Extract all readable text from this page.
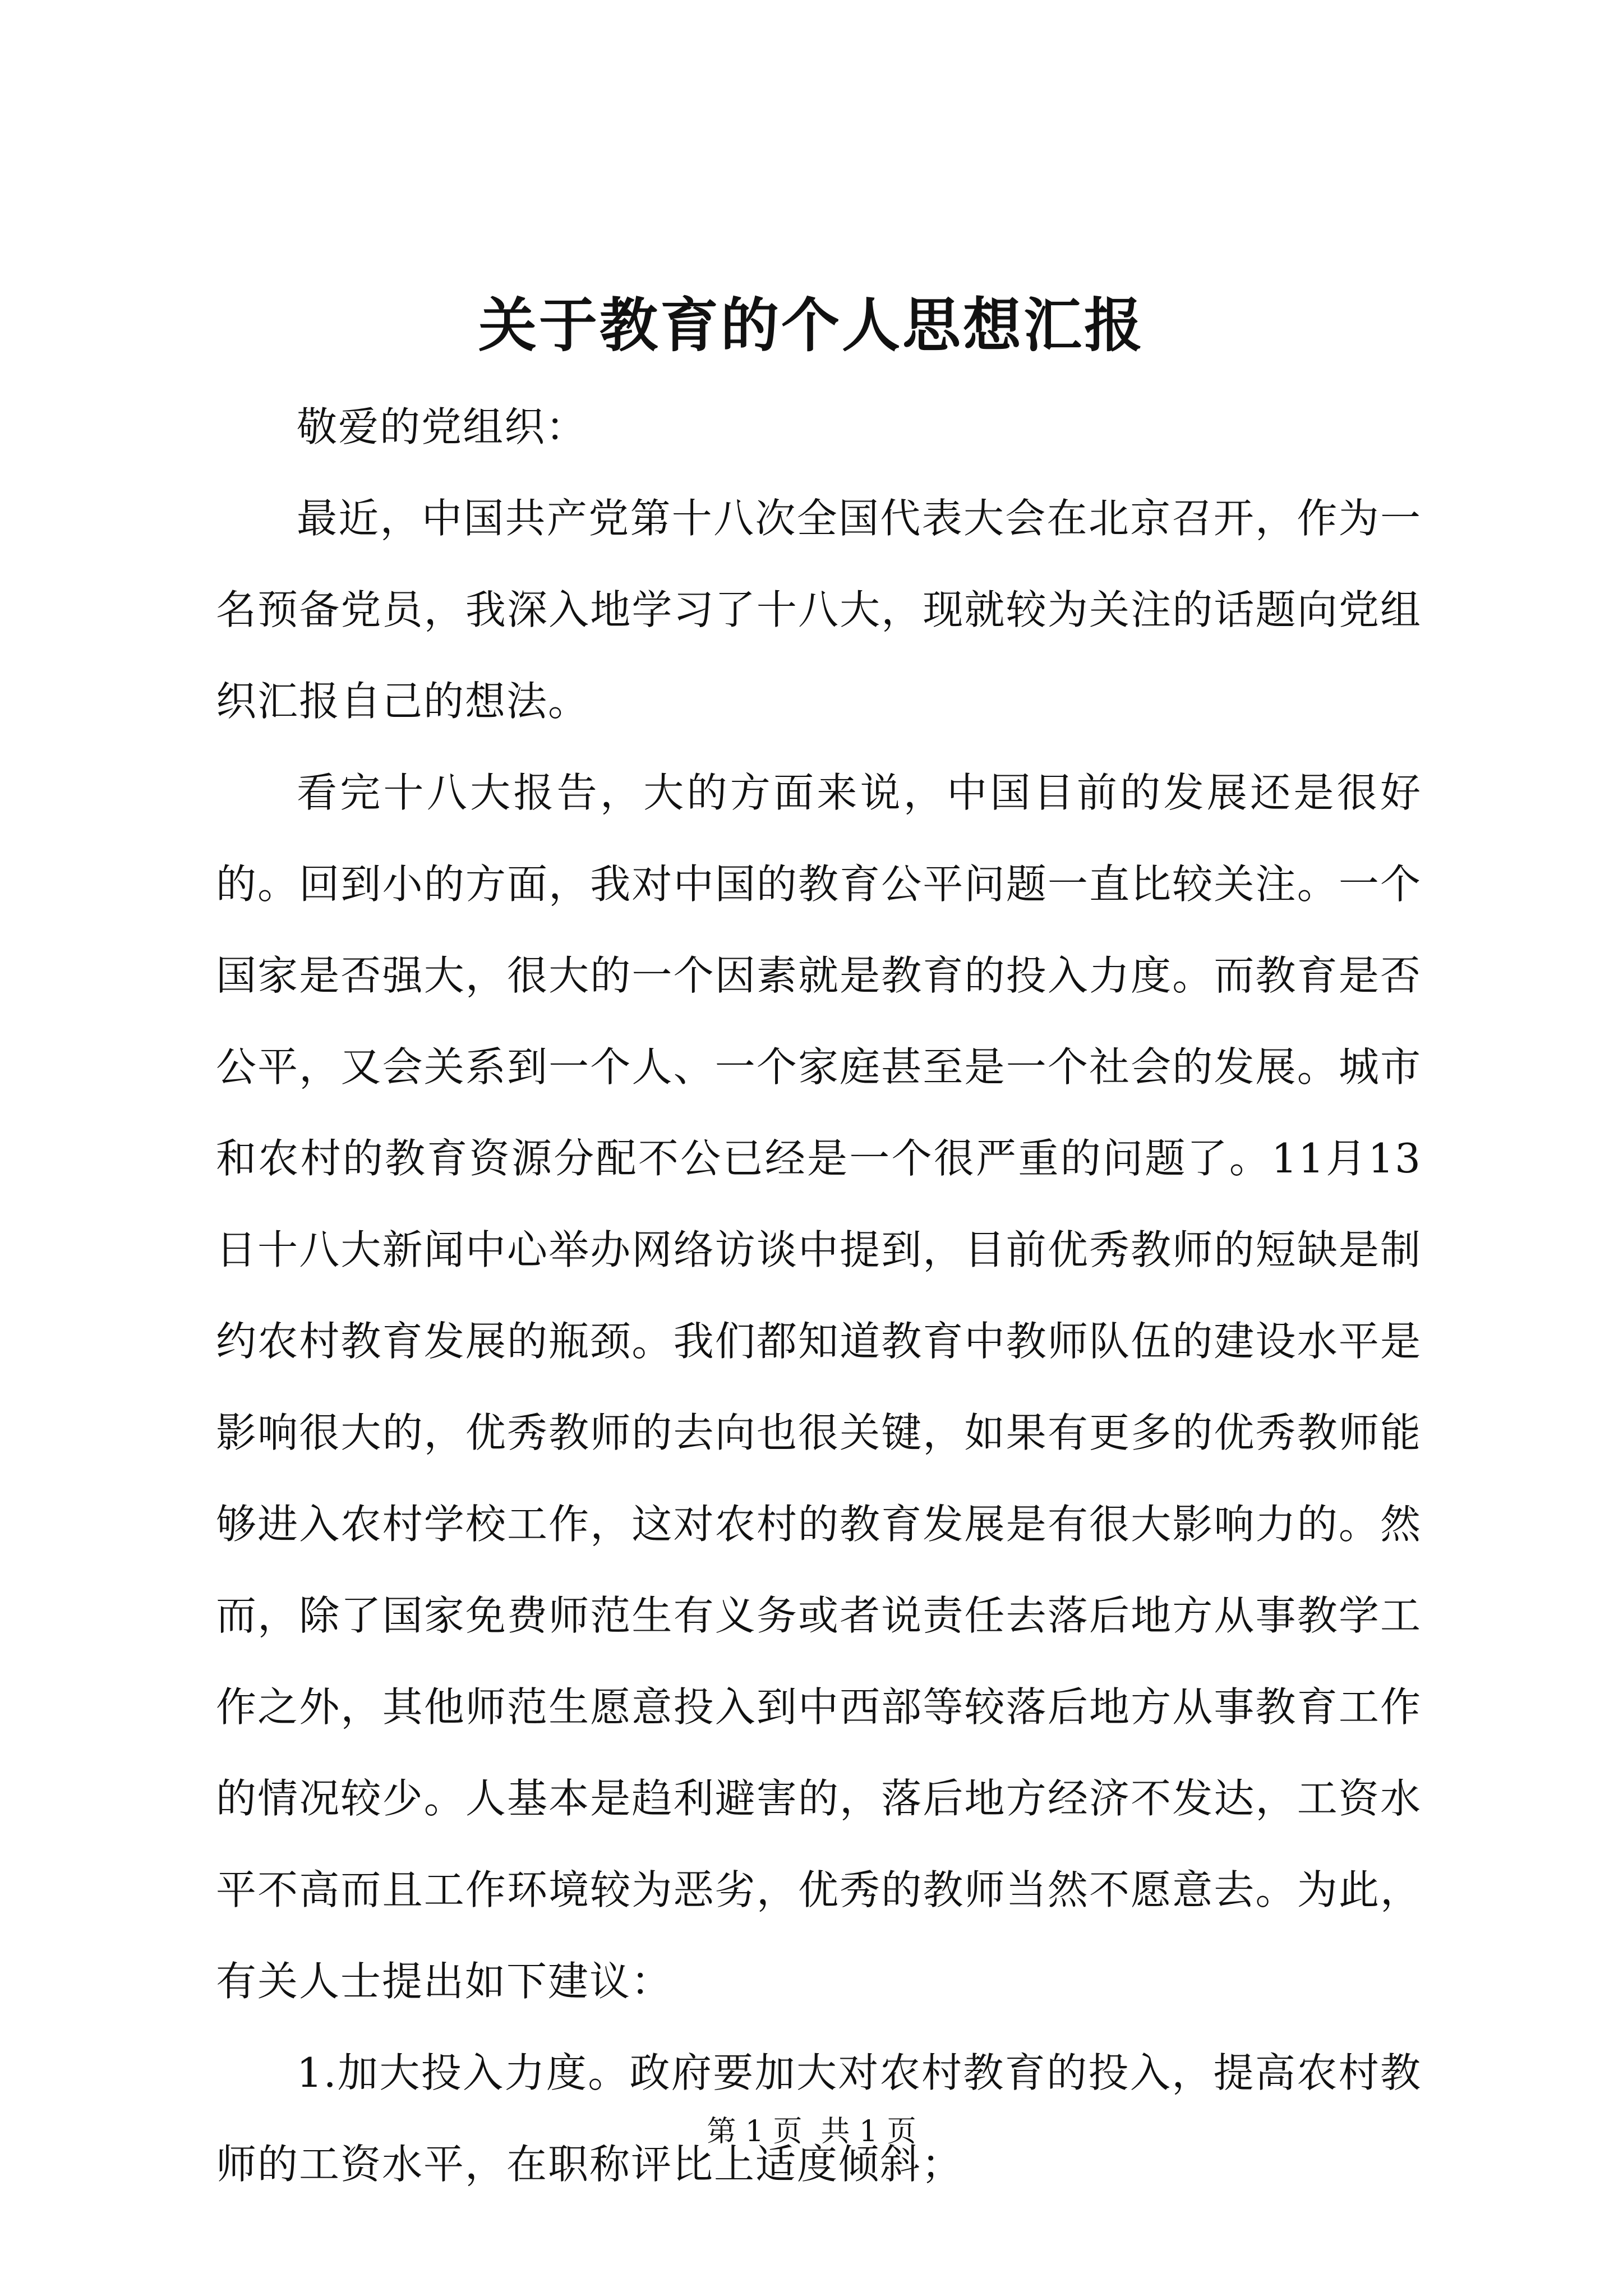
关于教育的个人思想汇报

敬爱的党组织：

最近，中国共产党第十八次全国代表大会在北京召开，作为一名预备党员，我深入地学习了十八大，现就较为关注的话题向党组织汇报自己的想法。

看完十八大报告，大的方面来说，中国目前的发展还是很好的。回到小的方面，我对中国的教育公平问题一直比较关注。一个国家是否强大，很大的一个因素就是教育的投入力度。而教育是否公平，又会关系到一个人、一个家庭甚至是一个社会的发展。城市和农村的教育资源分配不公已经是一个很严重的问题了。11月13日十八大新闻中心举办网络访谈中提到，目前优秀教师的短缺是制约农村教育发展的瓶颈。我们都知道教育中教师队伍的建设水平是影响很大的，优秀教师的去向也很关键，如果有更多的优秀教师能够进入农村学校工作，这对农村的教育发展是有很大影响力的。然而，除了国家免费师范生有义务或者说责任去落后地方从事教学工作之外，其他师范生愿意投入到中西部等较落后地方从事教育工作的情况较少。人基本是趋利避害的，落后地方经济不发达，工资水平不高而且工作环境较为恶劣，优秀的教师当然不愿意去。为此，有关人士提出如下建议：

1.加大投入力度。政府要加大对农村教育的投入，提高农村教师的工资水平，在职称评比上适度倾斜；

第 1 页  共 1 页
